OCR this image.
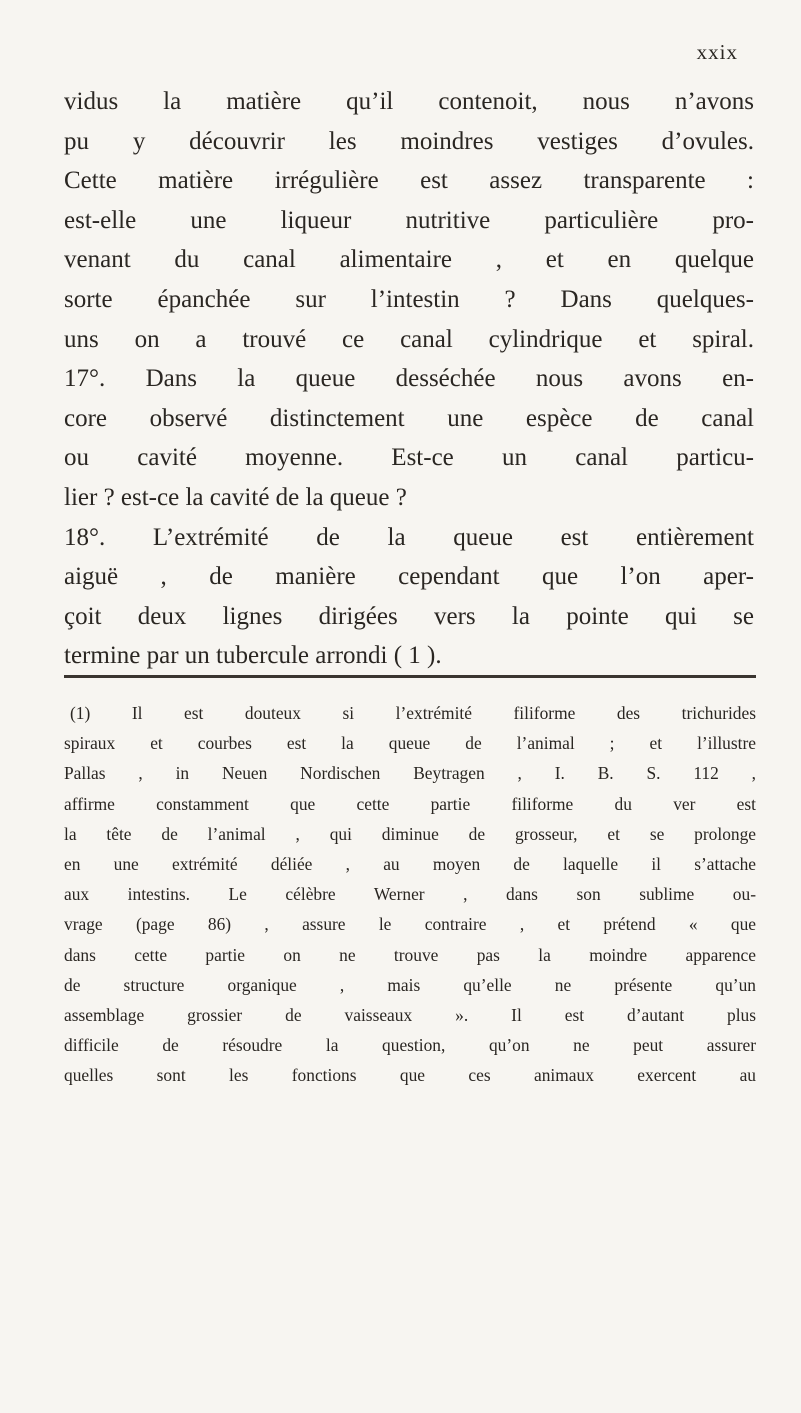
xxix
vidus la matière qu’il contenoit, nous n’avons
pu y découvrir les moindres vestiges d’ovules.
Cette matière irrégulière est assez transparente :
est-elle une liqueur nutritive particulière pro-
venant du canal alimentaire , et en quelque
sorte épanchée sur l’intestin ? Dans quelques-
uns on a trouvé ce canal cylindrique et spiral.
17°. Dans la queue desséchée nous avons en-
core observé distinctement une espèce de canal
ou cavité moyenne. Est-ce un canal particu-
lier ? est-ce la cavité de la queue ?
18°. L’extrémité de la queue est entièrement
aiguë , de manière cependant que l’on aper-
çoit deux lignes dirigées vers la pointe qui se
termine par un tubercule arrondi ( 1 ).
(1) Il est douteux si l’extrémité filiforme des trichurides
spiraux et courbes est la queue de l’animal ; et l’illustre
Pallas , in Neuen Nordischen Beytragen , I. B. S. 112 ,
affirme constamment que cette partie filiforme du ver est
la tête de l’animal , qui diminue de grosseur, et se prolonge
en une extrémité déliée , au moyen de laquelle il s’attache
aux intestins. Le célèbre Werner , dans son sublime ou-
vrage (page 86) , assure le contraire , et prétend « que
dans cette partie on ne trouve pas la moindre apparence
de structure organique , mais qu’elle ne présente qu’un
assemblage grossier de vaisseaux ». Il est d’autant plus
difficile de résoudre la question, qu’on ne peut assurer
quelles sont les fonctions que ces animaux exercent au
